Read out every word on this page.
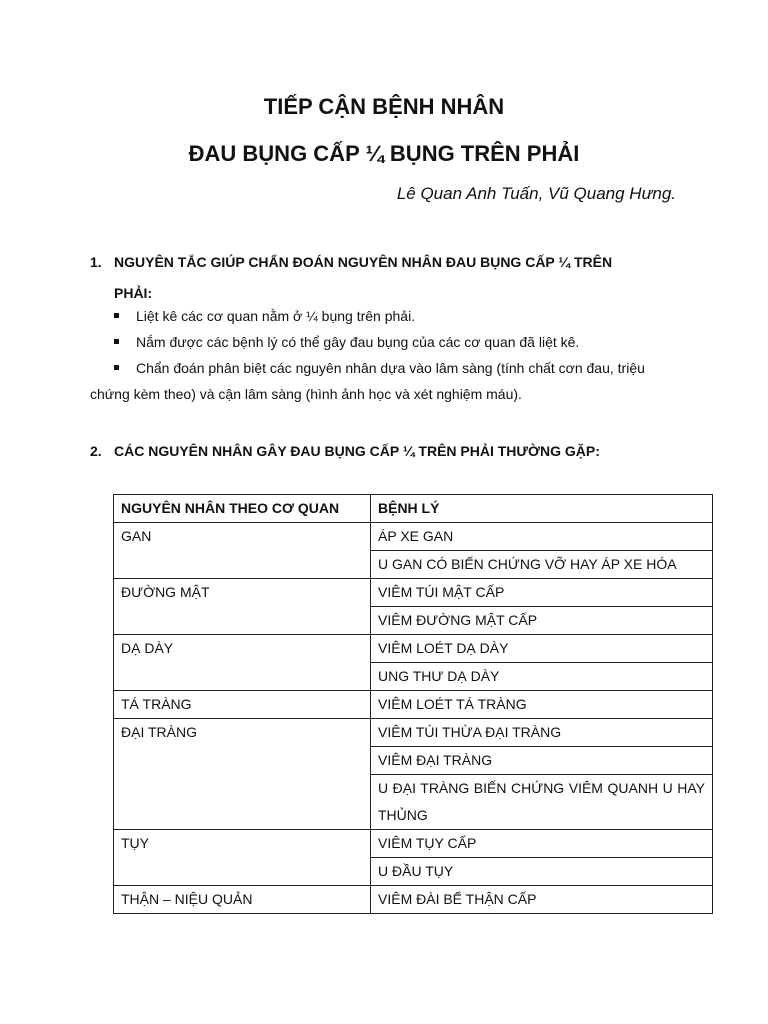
TIẾP CẬN BỆNH NHÂN
ĐAU BỤNG CẤP ¼ BỤNG TRÊN PHẢI
Lê Quan Anh Tuấn, Vũ Quang Hưng.
1. NGUYÊN TẮC GIÚP CHẨN ĐOÁN NGUYÊN NHÂN ĐAU BỤNG CẤP ¼ TRÊN
PHẢI:
Liệt kê các cơ quan nằm ở ¼ bụng trên phải.
Nắm được các bệnh lý có thể gây đau bụng của các cơ quan đã liệt kê.
Chẩn đoán phân biệt các nguyên nhân dựa vào lâm sàng (tính chất cơn đau, triệu
chứng kèm theo) và cận lâm sàng (hình ảnh học và xét nghiệm máu).
2. CÁC NGUYÊN NHÂN GÂY ĐAU BỤNG CẤP ¼ TRÊN PHẢI THƯỜNG GẶP:
NGUYÊN NHÂN THEO CƠ QUAN	BỆNH LÝ
GAN	ÁP XE GAN
	U GAN CÓ BIẾN CHỨNG VỠ HAY ÁP XE HÓA
ĐƯỜNG MẬT	VIÊM TÚI MẬT CẤP
	VIÊM ĐƯỜNG MẬT CẤP
DẠ DÀY	VIÊM LOÉT DẠ DÀY
	UNG THƯ DẠ DÀY
TÁ TRÀNG	VIÊM LOÉT TÁ TRÀNG
ĐẠI TRÀNG	VIÊM TÚI THỪA ĐẠI TRÀNG
	VIÊM ĐẠI TRÀNG
	U ĐẠI TRÀNG BIẾN CHỨNG VIÊM QUANH U HAY THỦNG
TỤY	VIÊM TỤY CẤP
	U ĐẦU TỤY
THẬN – NIỆU QUẢN	VIÊM ĐÀI BỂ THẬN CẤP
